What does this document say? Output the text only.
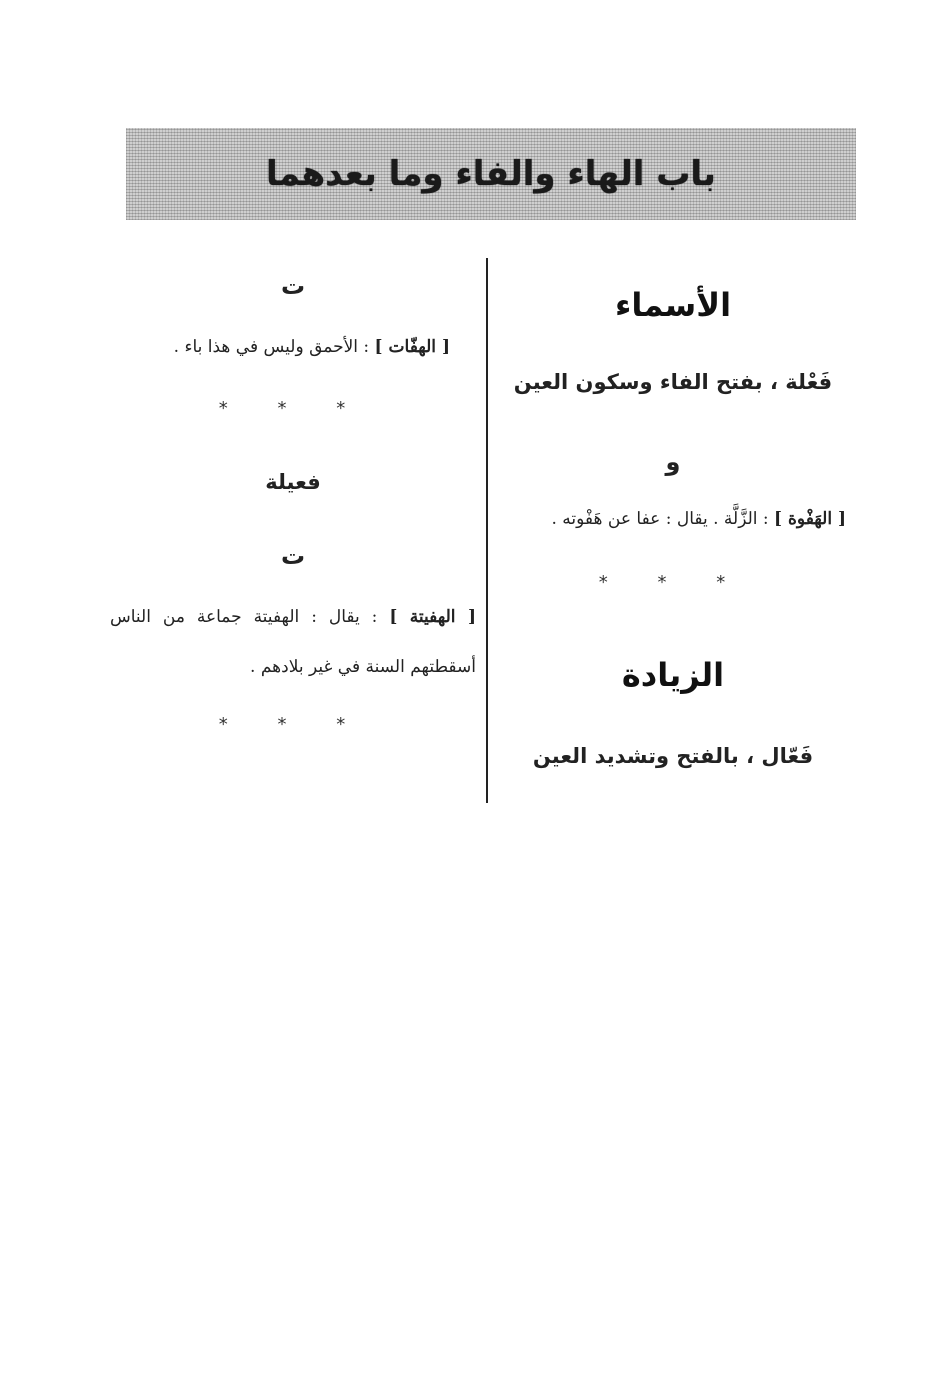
باب الهاء والفاء وما بعدهما
الأسماء
فَعْلة ، بفتح الفاء وسكون العين
و
[ الهَفْوة ] : الزَّلَّة . يقال : عفا عن هَفْوته .
* * *
الزيادة
فَعّال ، بالفتح وتشديد العين
ت
[ الهفّات ] : الأحمق وليس في هذا باء .
* * *
فعيلة
ت
[ الهفيتة ] : يقال : الهفيتة جماعة من الناس أسقطتهم السنة في غير بلادهم .
* * *
